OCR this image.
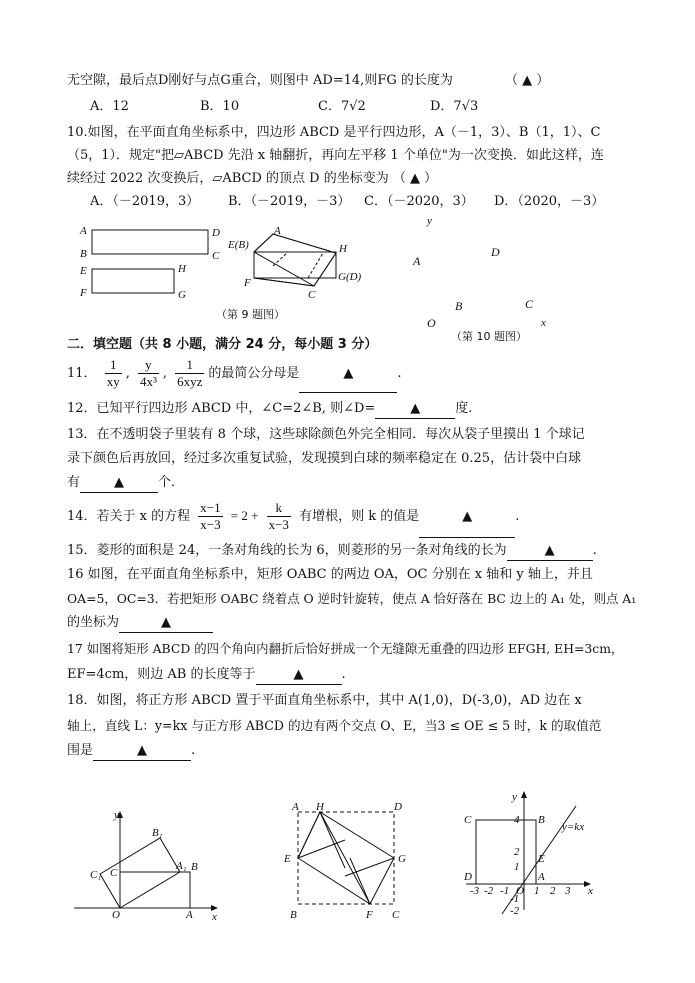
无空隙，最后点D刚好与点G重合，则图中 AD=14,则FG 的长度为	（ ▲ ）
A．12	B．10	C．7√2	D．7√3
10.如图，在平面直角坐标系中，四边形 ABCD 是平行四边形，A（－1，3）、B（1，1）、C
（5，1）．规定"把▱ABCD 先沿 x 轴翻折，再向左平移 1 个单位"为一次变换．如此这样，连
续经过 2022 次变换后，▱ABCD 的顶点 D 的坐标变为 （ ▲ ）
A．（－2019，3） B．（－2019，－3） C．（－2020，3） D．（2020，－3）
A
B
D
C
E
F
H
G
A
E(B)	H
F	G(D)
C
（第 9 题图）
y
A
D
B	C
O	x
（第 10 题图）
二．填空题（共 8 小题，满分 24 分，每小题 3 分）
11． $\frac{1}{xy}$ , $\frac{y}{\text{4x³}}$ , $\frac{1}{\text{6xyz}}$ 的最简公分母是	▲	.
12．已知平行四边形 ABCD 中，∠C=2∠B, 则∠D=	▲	度.
13．在不透明袋子里装有 8 个球，这些球除颜色外完全相同．每次从袋子里摸出 1 个球记
录下颜色后再放回，经过多次重复试验，发现摸到白球的频率稳定在 0.25，估计袋中白球
有	▲	个．
14．若关于 x 的方程 $\frac{x-1}{x-3} = 2 + \frac{k}{x-3}$ 有增根，则 k 的值是	▲	.
15．菱形的面积是 24，一条对角线的长为 6，则菱形的另一条对角线的长为	▲	.
16 如图，在平面直角坐标系中，矩形 OABC 的两边 OA，OC 分别在 x 轴和 y 轴上，并且
OA=5，OC=3．若把矩形 OABC 绕着点 O 逆时针旋转，使点 A 恰好落在 BC 边上的 A₁ 处，则点 A₁
的坐标为	▲
17 如图将矩形 ABCD 的四个角向内翻折后恰好拼成一个无缝隙无重叠的四边形 EFGH, EH=3cm，
EF=4cm，则边 AB 的长度等于	▲	.
18．如图，将正方形 ABCD 置于平面直角坐标系中，其中 A(1,0)，D(-3,0)，AD 边在 x
轴上，直线 L：y=kx 与正方形 ABCD 的边有两个交点 O、E，当3 ≤ OE ≤ 5 时，k 的取值范
围是	▲	.
y
B₁
A₁ B
C₁ C
O	A x
A H	D
E	G
B	F C
y
4 B
C
2
1
E
D	A
O	x
-3 -2 -1 1 2 3
-1
-2
y=kx
